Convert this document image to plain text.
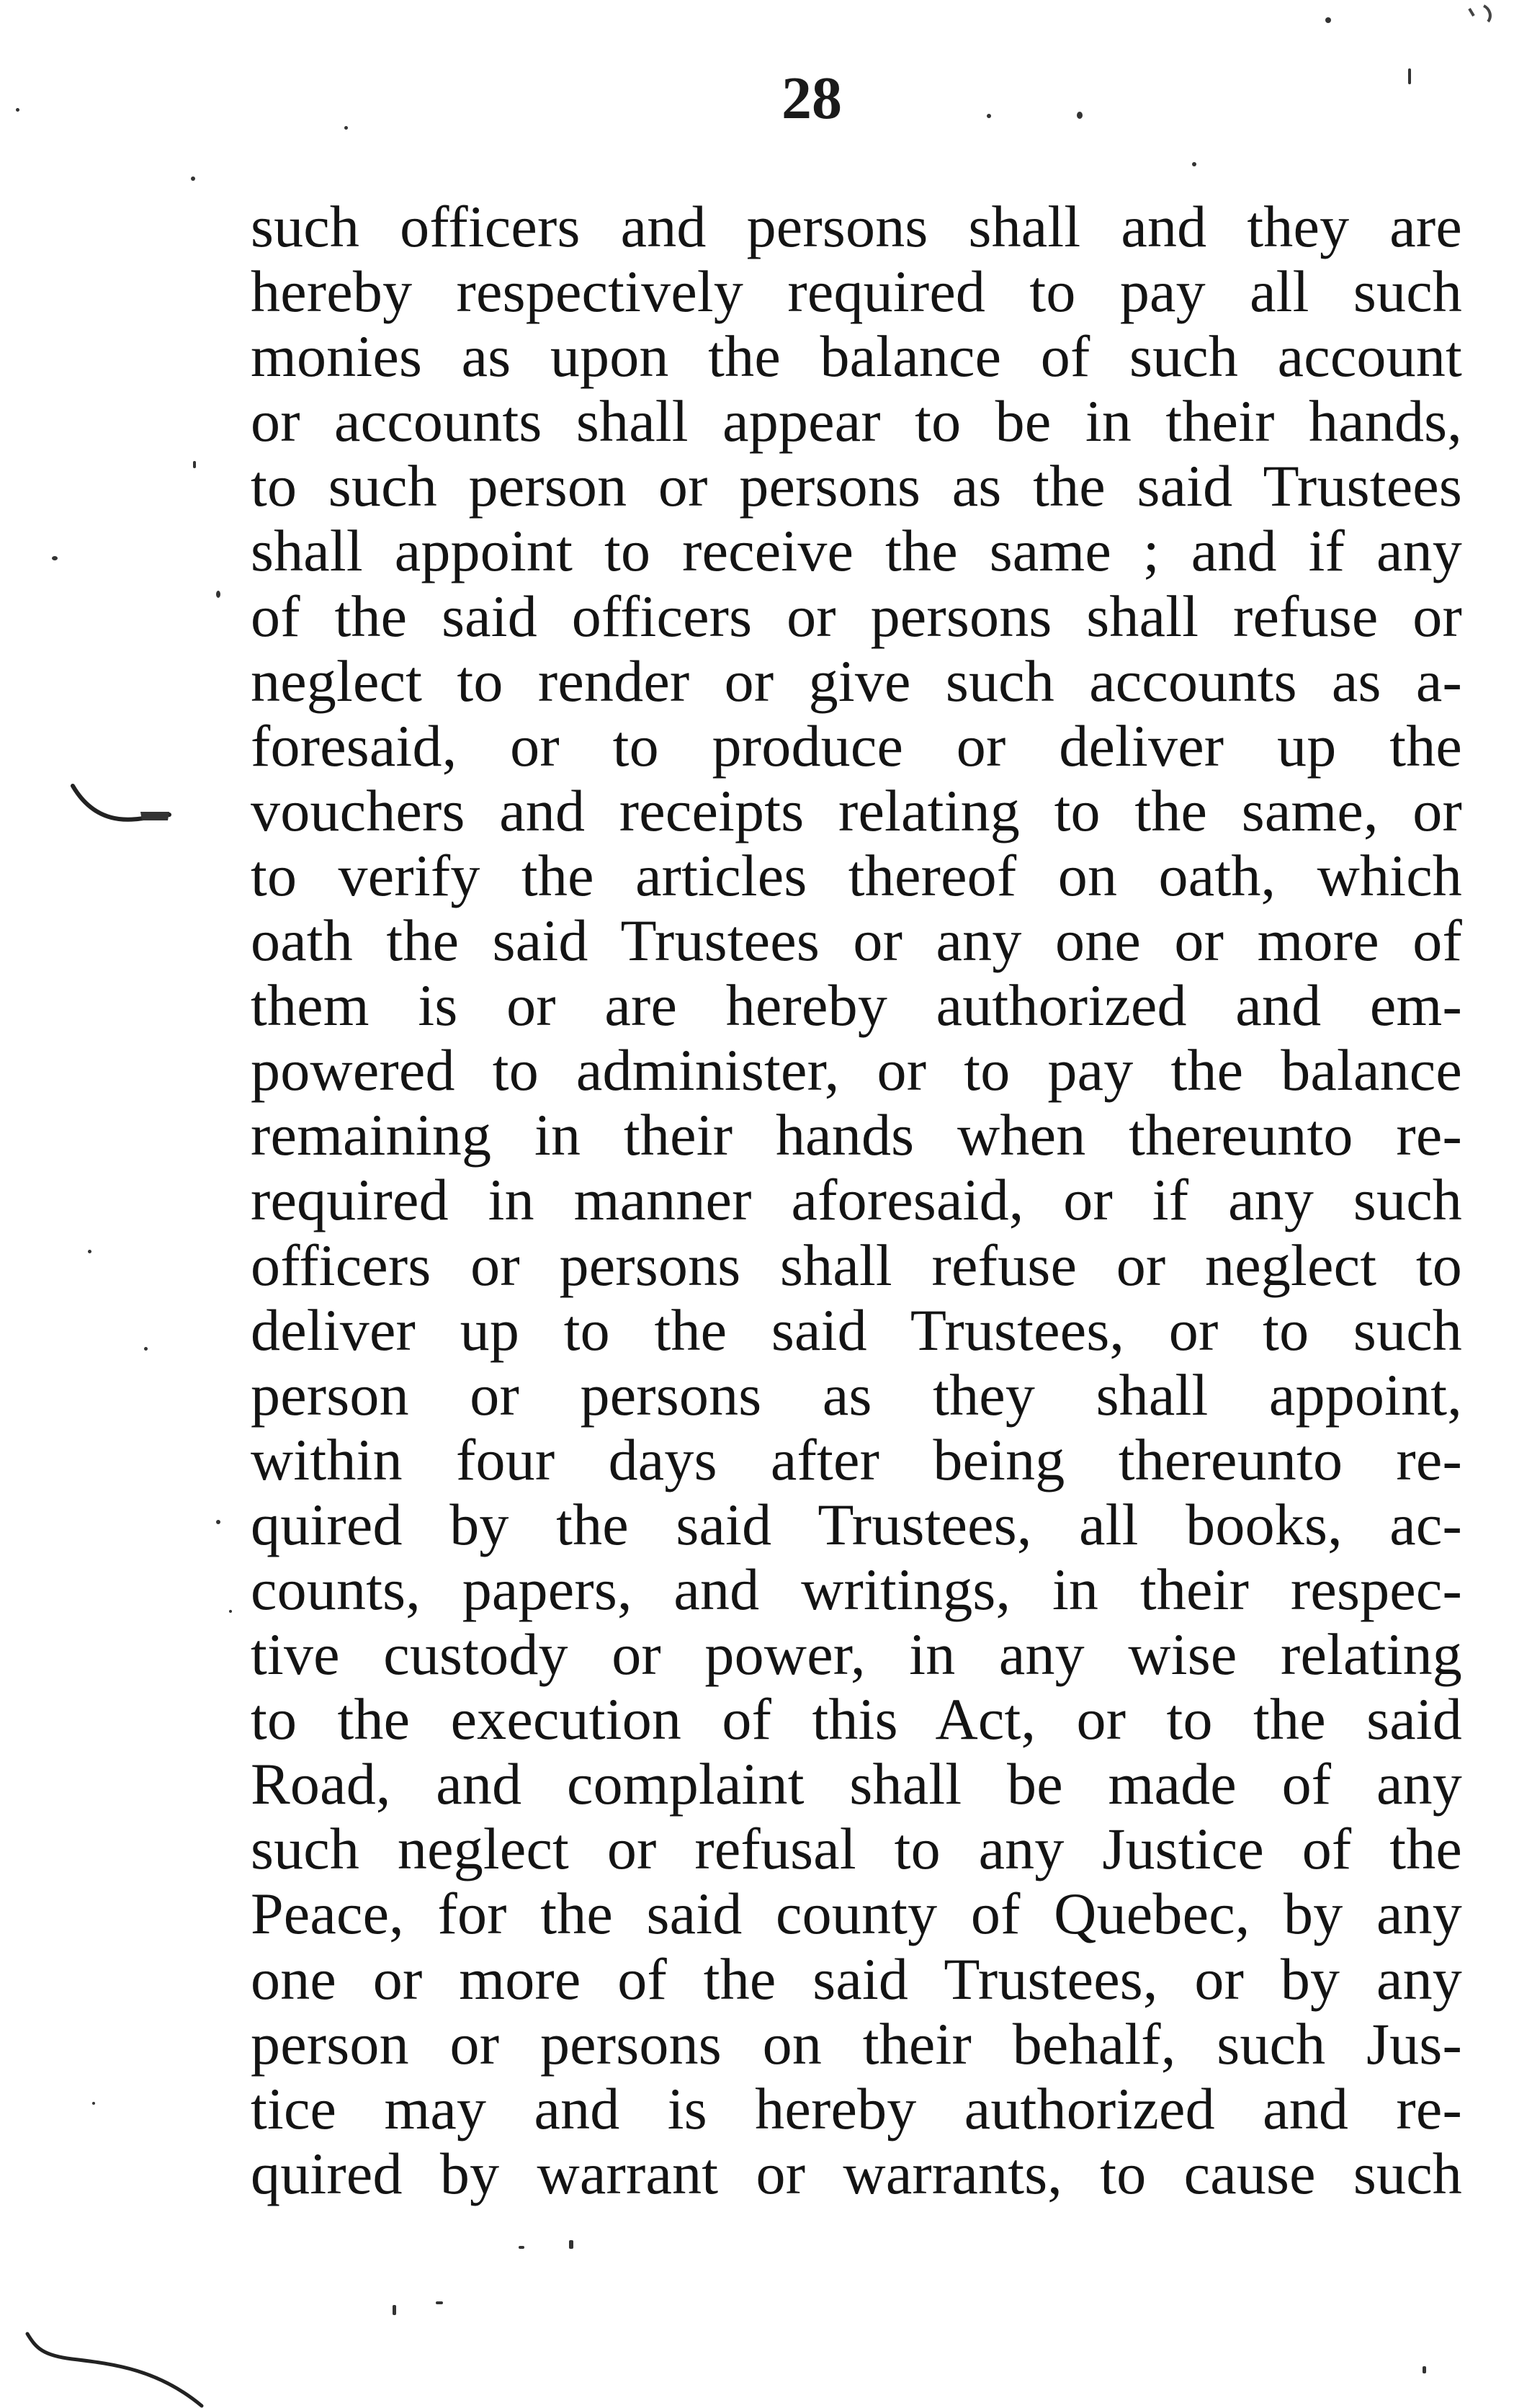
28
such officers and persons shall and they are
hereby respectively required to pay all such
monies as upon the balance of such account
or accounts shall appear to be in their hands,
to such person or persons as the said Trustees
shall appoint to receive the same ; and if any
of the said officers or persons shall refuse or
neglect to render or give such accounts as a-
foresaid, or to produce or deliver up the
vouchers and receipts relating to the same, or
to verify the articles thereof on oath, which
oath the said Trustees or any one or more of
them is or are hereby authorized and em-
powered to administer, or to pay the balance
remaining in their hands when thereunto re-
required in manner aforesaid, or if any such
officers or persons shall refuse or neglect to
deliver up to the said Trustees, or to such
person or persons as they shall appoint,
within four days after being thereunto re-
quired by the said Trustees, all books, ac-
counts, papers, and writings, in their respec-
tive custody or power, in any wise relating
to the execution of this Act, or to the said
Road, and complaint shall be made of any
such neglect or refusal to any Justice of the
Peace, for the said county of Quebec, by any
one or more of the said Trustees, or by any
person or persons on their behalf, such Jus-
tice may and is hereby authorized and re-
quired by warrant or warrants, to cause such
